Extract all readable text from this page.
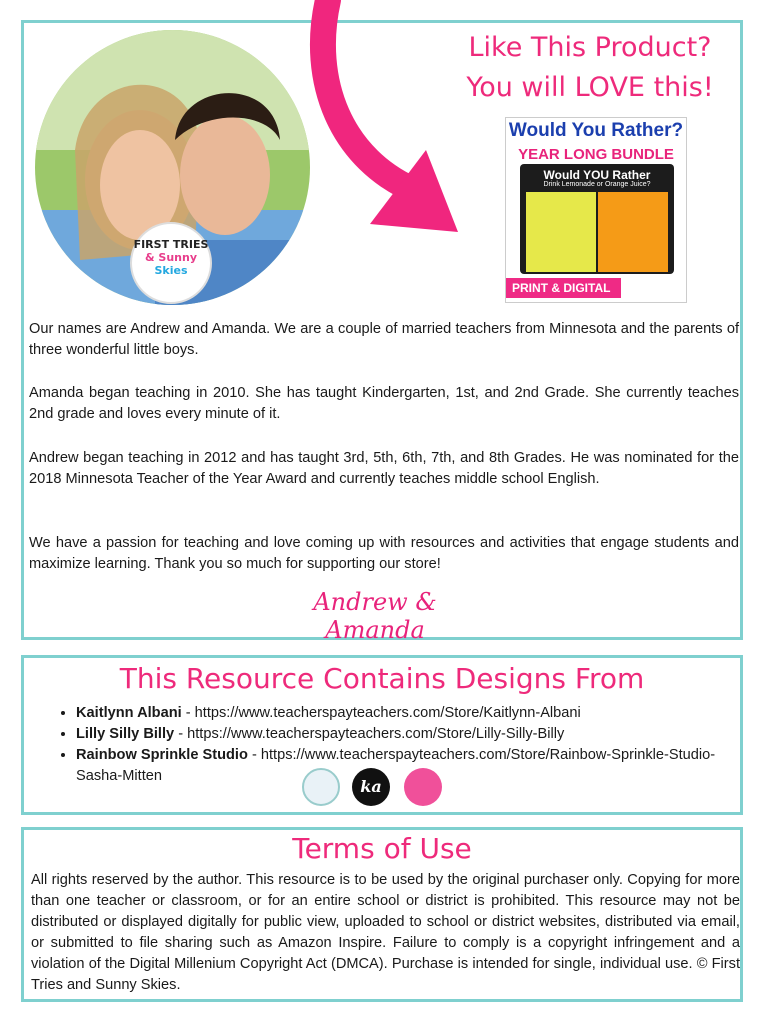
Like This Product?
You will LOVE this!
FIRST TRIES
& Sunny
Skies
Would You Rather?
YEAR LONG BUNDLE
Would YOU Rather
Drink Lemonade or Orange Juice?
PRINT & DIGITAL

Our names are Andrew and Amanda. We are a couple of married teachers from Minnesota and the parents of three wonderful little boys.

Amanda began teaching in 2010. She has taught Kindergarten, 1st, and 2nd Grade. She currently teaches 2nd grade and loves every minute of it.

Andrew began teaching in 2012 and has taught 3rd, 5th, 6th, 7th, and 8th Grades. He was nominated for the 2018 Minnesota Teacher of the Year Award and currently teaches middle school English.

We have a passion for teaching and love coming up with resources and activities that engage students and maximize learning. Thank you so much for supporting our store!

Andrew & Amanda
This Resource Contains Designs From
• Kaitlynn Albani - https://www.teacherspayteachers.com/Store/Kaitlynn-Albani
• Lilly Silly Billy - https://www.teacherspayteachers.com/Store/Lilly-Silly-Billy
• Rainbow Sprinkle Studio - https://www.teacherspayteachers.com/Store/Rainbow-Sprinkle-Studio-Sasha-Mitten
ka
Terms of Use

All rights reserved by the author. This resource is to be used by the original purchaser only. Copying for more than one teacher or classroom, or for an entire school or district is prohibited. This resource may not be distributed or displayed digitally for public view, uploaded to school or district websites, distributed via email, or submitted to file sharing such as Amazon Inspire. Failure to comply is a copyright infringement and a violation of the Digital Millenium Copyright Act (DMCA). Purchase is intended for single, individual use. © First Tries and Sunny Skies.
